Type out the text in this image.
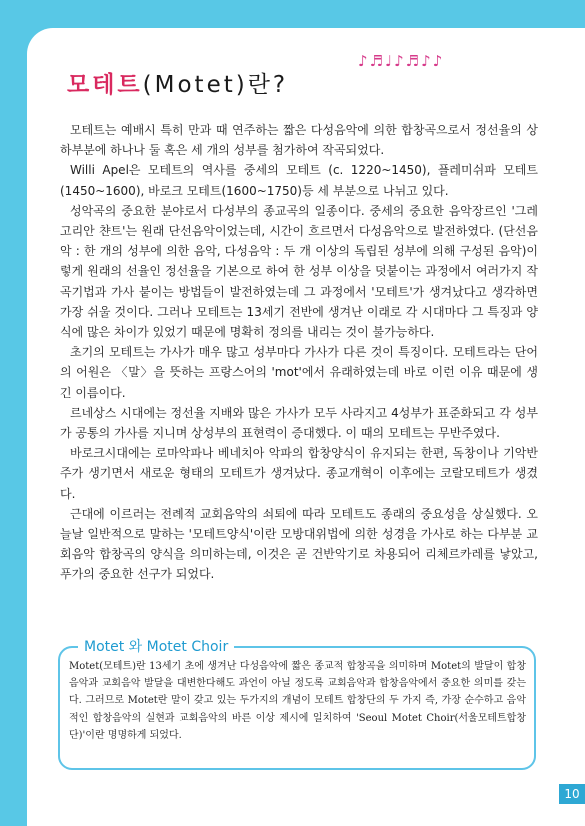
모테트(Motet)란?
♪♬♩♪♬♪♪

모테트는 예배시 특히 만과 때 연주하는 짧은 다성음악에 의한 합창곡으로서 정선율의 상하부분에 하나나 둘 혹은 세 개의 성부를 첨가하여 작곡되었다.

Willi Apel은 모테트의 역사를 중세의 모테트 (c. 1220~1450), 플레미쉬파 모테트(1450~1600), 바로크 모테트(1600~1750)등 세 부분으로 나뉘고 있다.

성악곡의 중요한 분야로서 다성부의 종교곡의 일종이다. 중세의 중요한 음악장르인 '그레고리안 챤트'는 원래 단선음악이었는데, 시간이 흐르면서 다성음악으로 발전하였다. (단선음악 : 한 개의 성부에 의한 음악, 다성음악 : 두 개 이상의 독립된 성부에 의해 구성된 음악)이렇게 원래의 선율인 정선율을 기본으로 하여 한 성부 이상을 덧붙이는 과정에서 여러가지 작곡기법과 가사 붙이는 방법들이 발전하였는데 그 과정에서 '모테트'가 생겨났다고 생각하면 가장 쉬울 것이다. 그러나 모테트는 13세기 전반에 생겨난 이래로 각 시대마다 그 특징과 양식에 많은 차이가 있었기 때문에 명확히 정의를 내리는 것이 불가능하다.

초기의 모테트는 가사가 매우 많고 성부마다 가사가 다른 것이 특징이다. 모테트라는 단어의 어원은 〈말〉을 뜻하는 프랑스어의 'mot'에서 유래하였는데 바로 이런 이유 때문에 생긴 이름이다.

르네상스 시대에는 정선율 지배와 많은 가사가 모두 사라지고 4성부가 표준화되고 각 성부가 공통의 가사를 지니며 상성부의 표현력이 증대했다. 이 때의 모테트는 무반주였다.

바로크시대에는 로마악파나 베네치아 악파의 합창양식이 유지되는 한편, 독창이나 기악반주가 생기면서 새로운 형태의 모테트가 생겨났다. 종교개혁이 이후에는 코랄모테트가 생겼다.

근대에 이르러는 전례적 교회음악의 쇠퇴에 따라 모테트도 종래의 중요성을 상실했다. 오늘날 일반적으로 말하는 '모테트양식'이란 모방대위법에 의한 성경을 가사로 하는 다부분 교회음악 합창곡의 양식을 의미하는데, 이것은 곧 건반악기로 차용되어 리체르카레를 낳았고, 푸가의 중요한 선구가 되었다.

Motet 와 Motet Choir

Motet(모테트)란 13세기 초에 생겨난 다성음악에 짧은 종교적 합창곡을 의미하며 Motet의 발달이 합창음악과 교회음악 발달을 대변한다해도 과언이 아닐 정도록 교회음악과 합창음악에서 중요한 의미를 갖는다. 그러므로 Motet란 말이 갖고 있는 두가지의 개념이 모테트 합창단의 두 가지 즉, 가장 순수하고 음악적인 합창음악의 실현과 교회음악의 바른 이상 제시에 일치하여 'Seoul Motet Choir(서울모테트합창단)'이란 명명하게 되었다.

10
